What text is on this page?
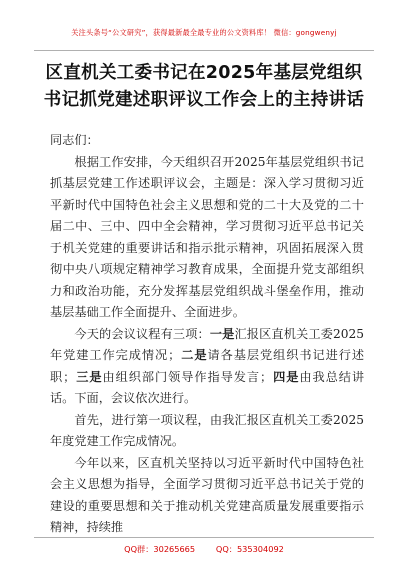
关注头条号“公文研究”，获得最新最全最专业的公文资料库！ 微信：gongwenyj
区直机关工委书记在2025年基层党组织
书记抓党建述职评议工作会上的主持讲话

同志们：

根据工作安排，今天组织召开2025年基层党组织书记抓基层党建工作述职评议会，主题是：深入学习贯彻习近平新时代中国特色社会主义思想和党的二十大及党的二十届二中、三中、四中全会精神，学习贯彻习近平总书记关于机关党建的重要讲话和指示批示精神，巩固拓展深入贯彻中央八项规定精神学习教育成果，全面提升党支部组织力和政治功能，充分发挥基层党组织战斗堡垒作用，推动基层基础工作全面提升、全面进步。

今天的会议议程有三项：一是汇报区直机关工委2025年党建工作完成情况；二是请各基层党组织书记进行述职；三是由组织部门领导作指导发言；四是由我总结讲话。下面，会议依次进行。

首先，进行第一项议程，由我汇报区直机关工委2025年度党建工作完成情况。

今年以来，区直机关坚持以习近平新时代中国特色社会主义思想为指导，全面学习贯彻习近平总书记关于党的建设的重要思想和关于推动机关党建高质量发展重要指示精神，持续推

QQ群：30265665        QQ：535304092
